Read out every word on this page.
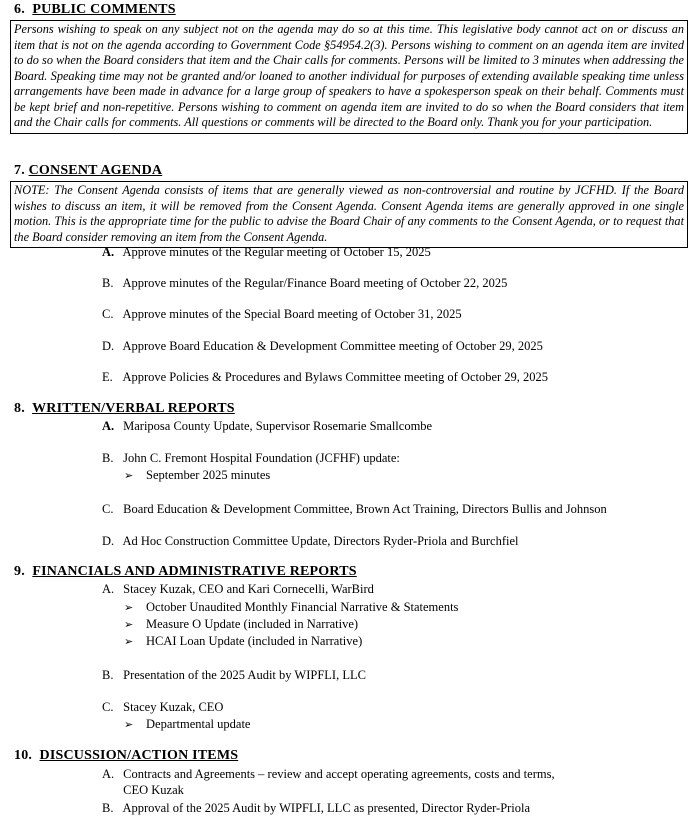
6. PUBLIC COMMENTS
Persons wishing to speak on any subject not on the agenda may do so at this time. This legislative body cannot act on or discuss an item that is not on the agenda according to Government Code §54954.2(3). Persons wishing to comment on an agenda item are invited to do so when the Board considers that item and the Chair calls for comments. Persons will be limited to 3 minutes when addressing the Board. Speaking time may not be granted and/or loaned to another individual for purposes of extending available speaking time unless arrangements have been made in advance for a large group of speakers to have a spokesperson speak on their behalf. Comments must be kept brief and non-repetitive. Persons wishing to comment on agenda item are invited to do so when the Board considers that item and the Chair calls for comments. All questions or comments will be directed to the Board only. Thank you for your participation.
7. CONSENT AGENDA
NOTE: The Consent Agenda consists of items that are generally viewed as non-controversial and routine by JCFHD. If the Board wishes to discuss an item, it will be removed from the Consent Agenda. Consent Agenda items are generally approved in one single motion. This is the appropriate time for the public to advise the Board Chair of any comments to the Consent Agenda, or to request that the Board consider removing an item from the Consent Agenda.
A. Approve minutes of the Regular meeting of October 15, 2025
B. Approve minutes of the Regular/Finance Board meeting of October 22, 2025
C. Approve minutes of the Special Board meeting of October 31, 2025
D. Approve Board Education & Development Committee meeting of October 29, 2025
E. Approve Policies & Procedures and Bylaws Committee meeting of October 29, 2025
8. WRITTEN/VERBAL REPORTS
A. Mariposa County Update, Supervisor Rosemarie Smallcombe
B. John C. Fremont Hospital Foundation (JCFHF) update:
➢ September 2025 minutes
C. Board Education & Development Committee, Brown Act Training, Directors Bullis and Johnson
D. Ad Hoc Construction Committee Update, Directors Ryder-Priola and Burchfiel
9. FINANCIALS AND ADMINISTRATIVE REPORTS
A. Stacey Kuzak, CEO and Kari Cornecelli, WarBird
➢ October Unaudited Monthly Financial Narrative & Statements
➢ Measure O Update (included in Narrative)
➢ HCAI Loan Update (included in Narrative)
B. Presentation of the 2025 Audit by WIPFLI, LLC
C. Stacey Kuzak, CEO
➢ Departmental update
10. DISCUSSION/ACTION ITEMS
A. Contracts and Agreements – review and accept operating agreements, costs and terms,
CEO Kuzak
B. Approval of the 2025 Audit by WIPFLI, LLC as presented, Director Ryder-Priola
